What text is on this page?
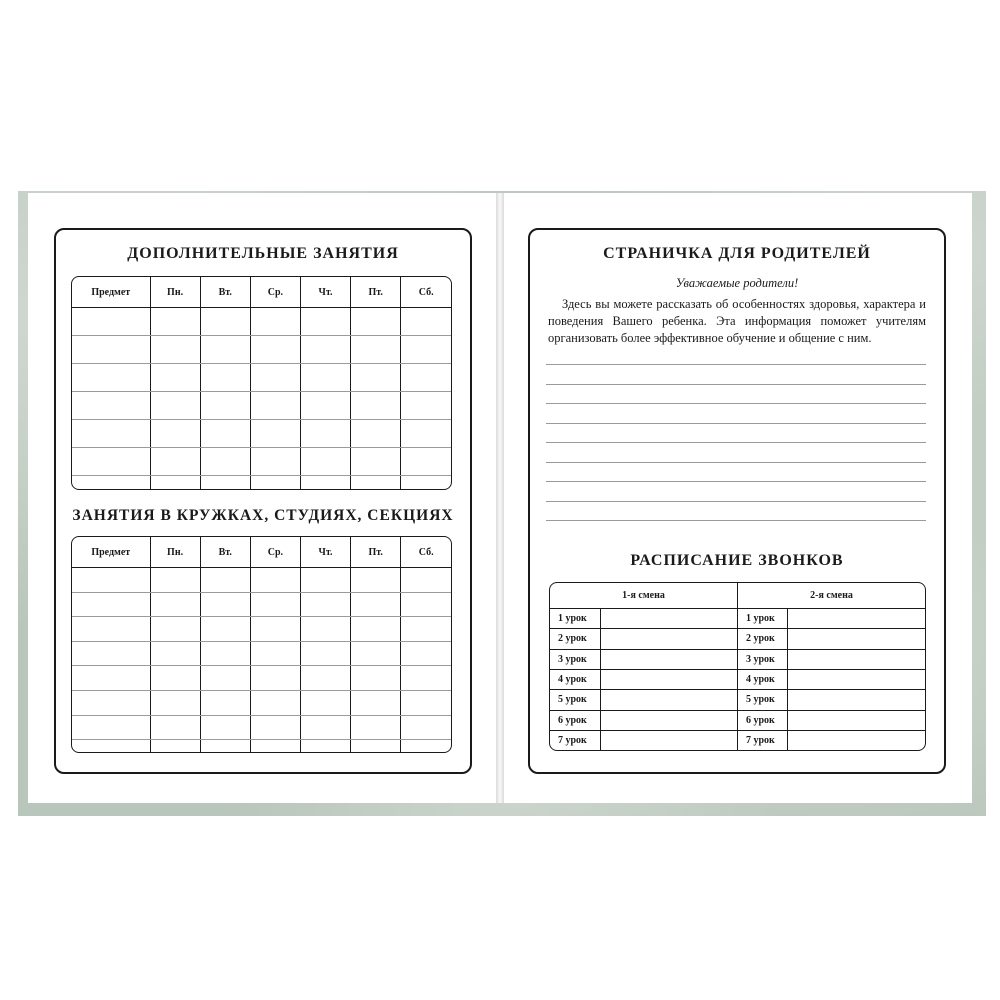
ДОПОЛНИТЕЛЬНЫЕ ЗАНЯТИЯ
Предмет	Пн.	Вт.	Ср.	Чт.	Пт.	Сб.

ЗАНЯТИЯ В КРУЖКАХ, СТУДИЯХ, СЕКЦИЯХ
Предмет	Пн.	Вт.	Ср.	Чт.	Пт.	Сб.

СТРАНИЧКА ДЛЯ РОДИТЕЛЕЙ
Уважаемые родители!
Здесь вы можете рассказать об особенностях здоровья, характера и поведения Вашего ребенка. Эта информация поможет учителям организовать более эффективное обучение и общение с ним.
РАСПИСАНИЕ ЗВОНКОВ
1-я смена		2-я смена	
1 урок		1 урок	
2 урок		2 урок	
3 урок		3 урок	
4 урок		4 урок	
5 урок		5 урок	
6 урок		6 урок	
7 урок		7 урок	
